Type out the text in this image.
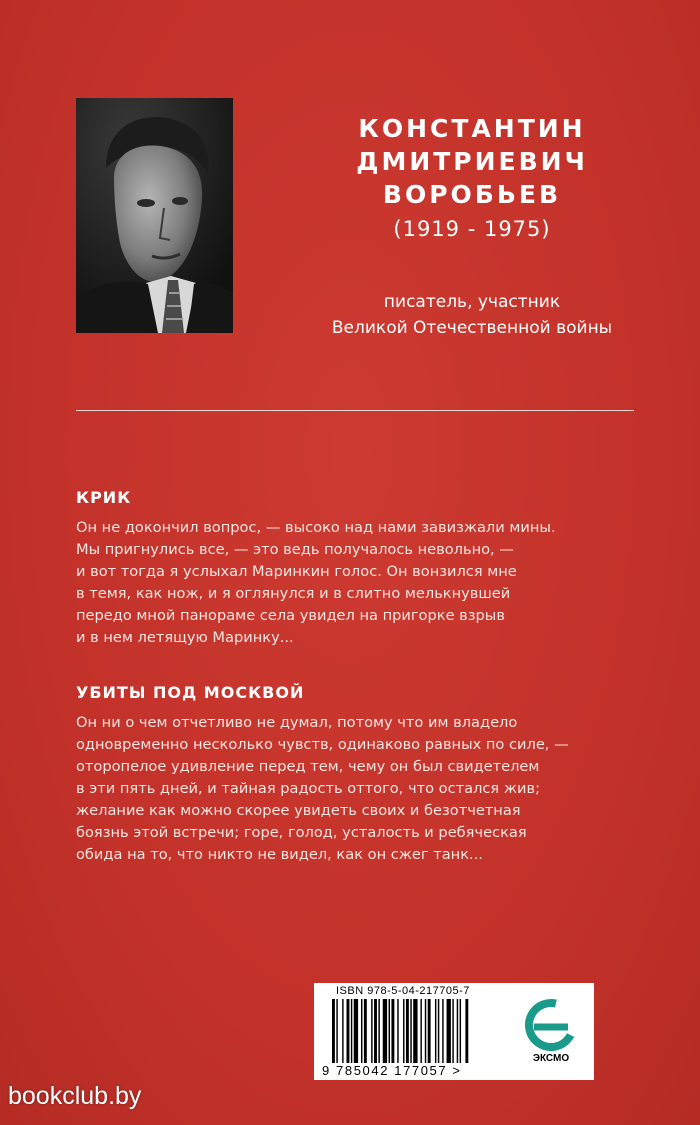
КОНСТАНТИН
ДМИТРИЕВИЧ
ВОРОБЬЕВ
(1919 - 1975)
писатель, участник
Великой Отечественной войны
КРИК
Он не докончил вопрос, — высоко над нами завизжали мины.
Мы пригнулись все, — это ведь получалось невольно, —
и вот тогда я услыхал Маринкин голос. Он вонзился мне
в темя, как нож, и я оглянулся и в слитно мелькнувшей
передо мной панораме села увидел на пригорке взрыв
и в нем летящую Маринку...
УБИТЫ ПОД МОСКВОЙ
Он ни о чем отчетливо не думал, потому что им владело
одновременно несколько чувств, одинаково равных по силе, —
оторопелое удивление перед тем, чему он был свидетелем
в эти пять дней, и тайная радость оттого, что остался жив;
желание как можно скорее увидеть своих и безотчетная
боязнь этой встречи; горе, голод, усталость и ребяческая
обида на то, что никто не видел, как он сжег танк...
ISBN 978-5-04-217705-7
9 785042 177057 >
ЭКСМО
bookclub.by
